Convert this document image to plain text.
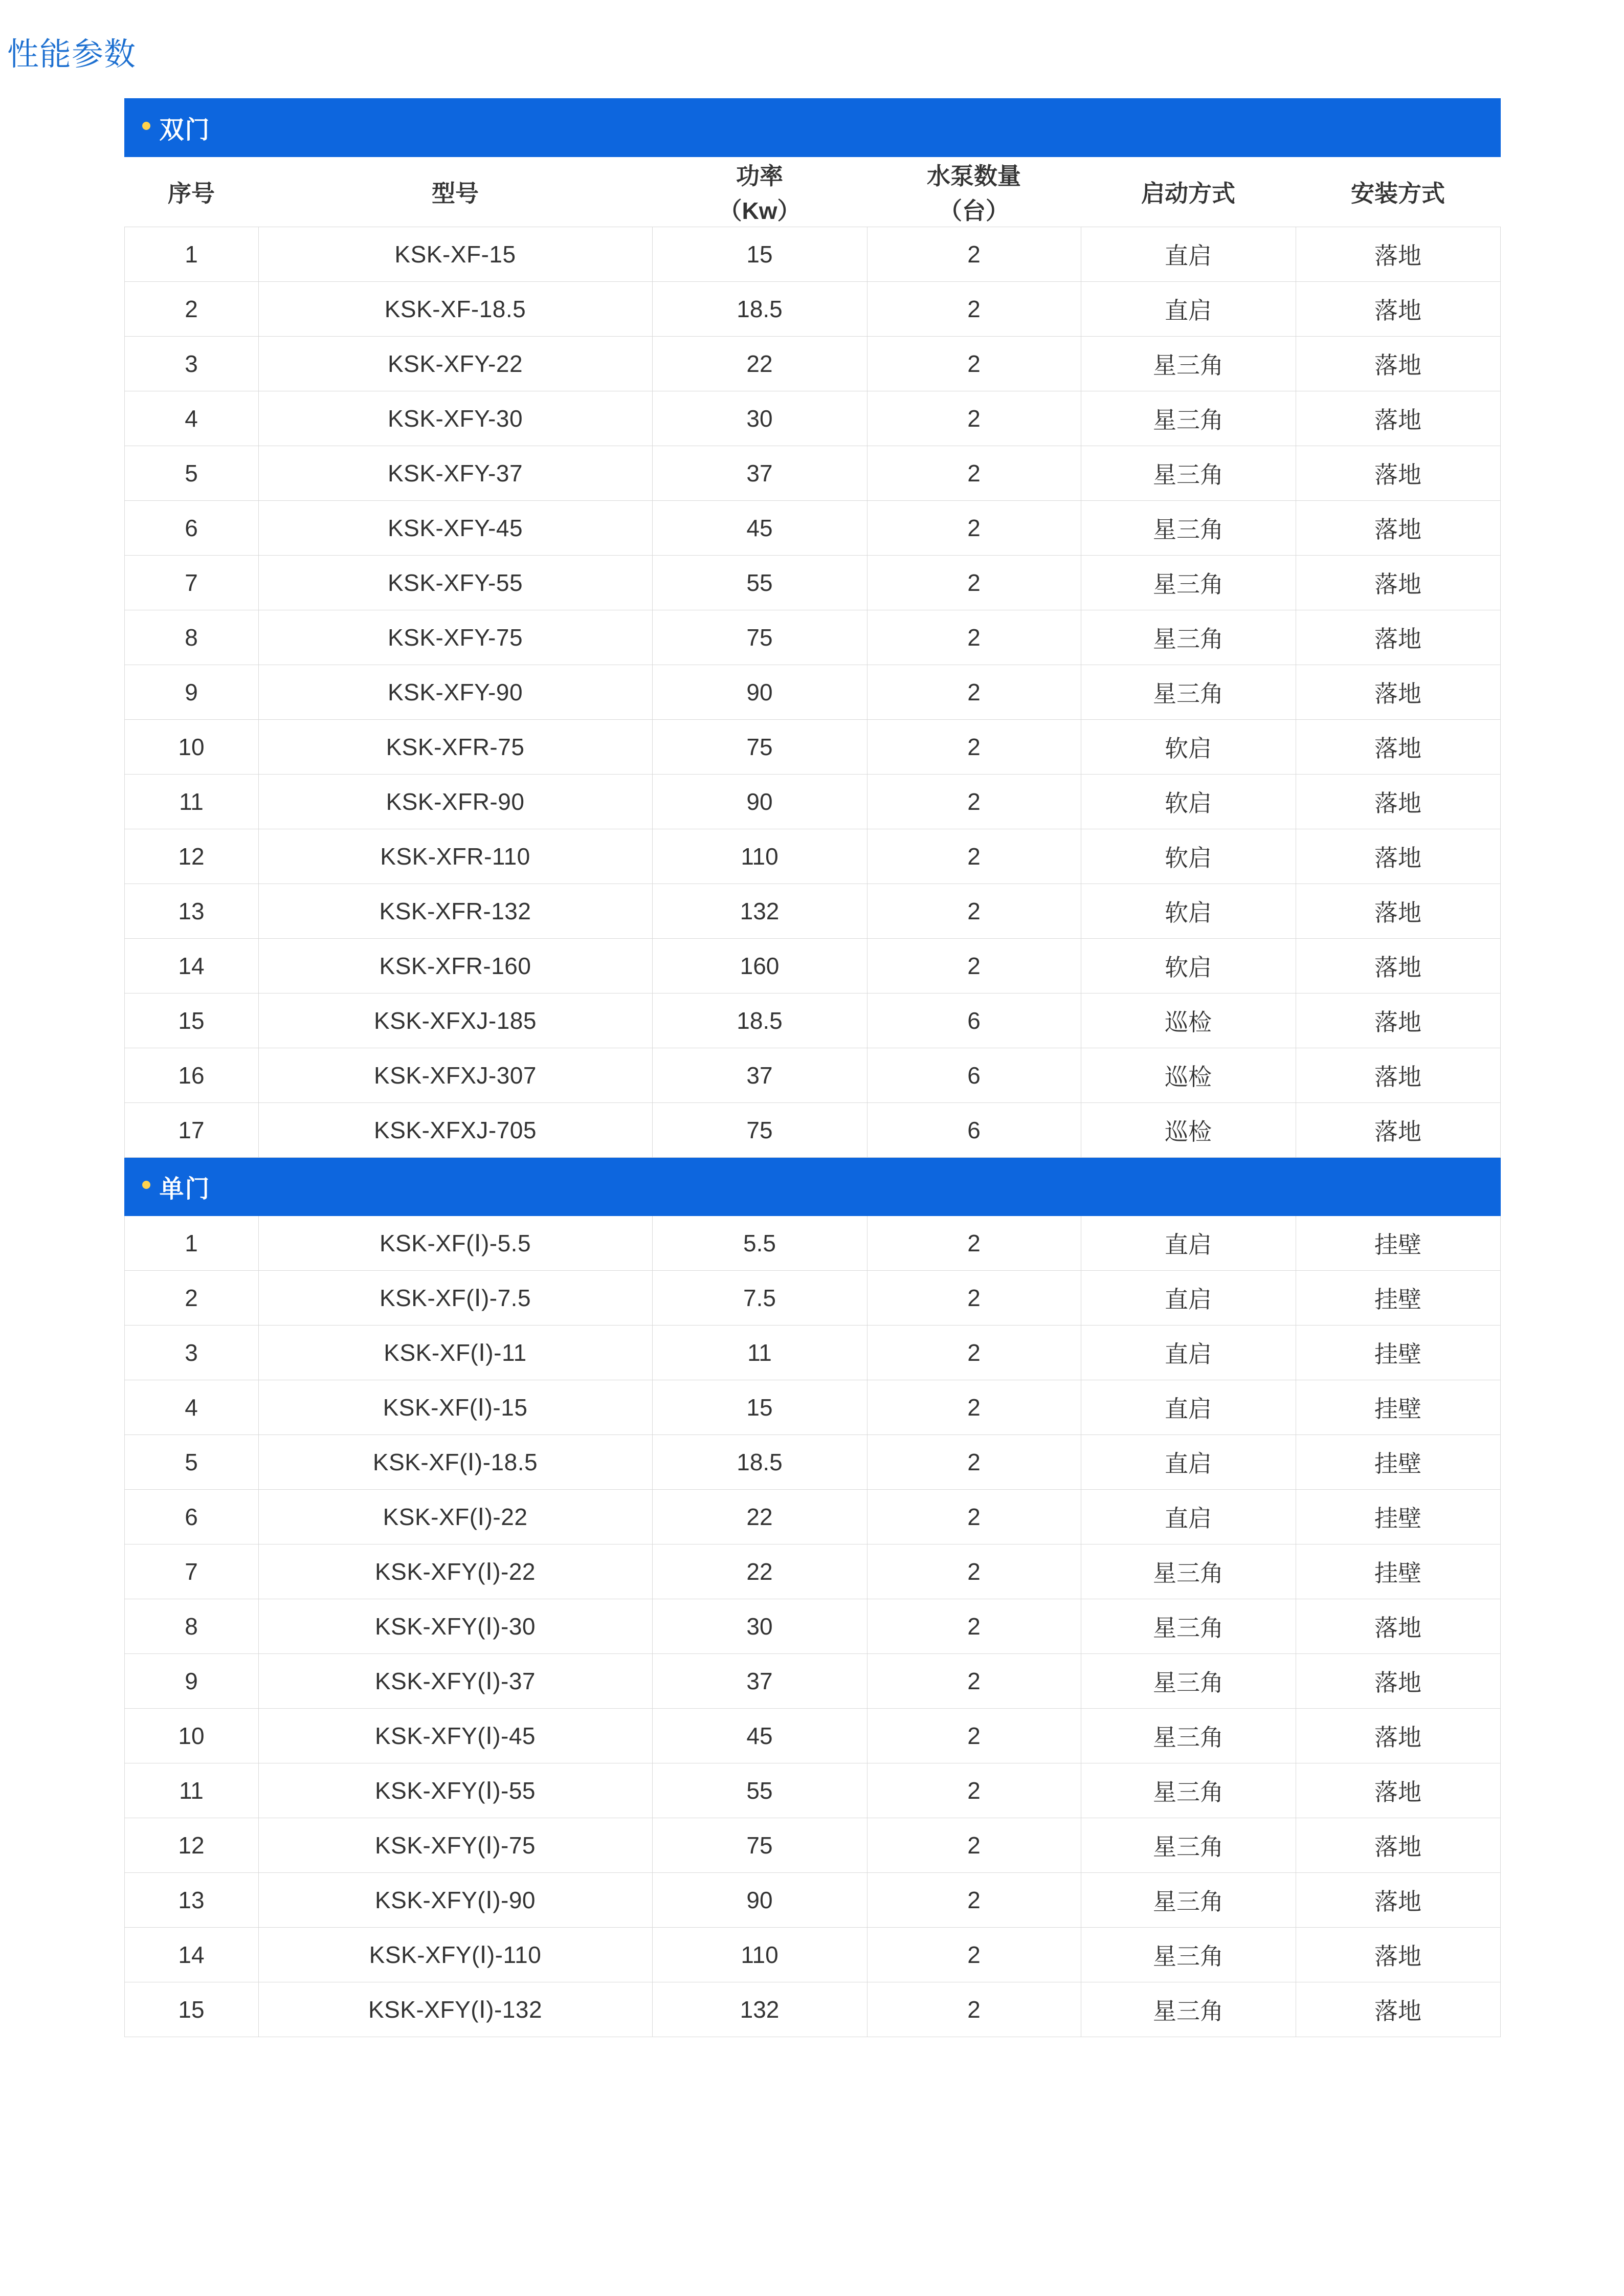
性能参数
双门					
序号	型号	功率	水泵数量	启动方式	安装方式
		（Kw）	（台）		
1	KSK-XF-15	15	2	直启	落地
2	KSK-XF-18.5	18.5	2	直启	落地
3	KSK-XFY-22	22	2	星三角	落地
4	KSK-XFY-30	30	2	星三角	落地
5	KSK-XFY-37	37	2	星三角	落地
6	KSK-XFY-45	45	2	星三角	落地
7	KSK-XFY-55	55	2	星三角	落地
8	KSK-XFY-75	75	2	星三角	落地
9	KSK-XFY-90	90	2	星三角	落地
10	KSK-XFR-75	75	2	软启	落地
11	KSK-XFR-90	90	2	软启	落地
12	KSK-XFR-110	110	2	软启	落地
13	KSK-XFR-132	132	2	软启	落地
14	KSK-XFR-160	160	2	软启	落地
15	KSK-XFXJ-185	18.5	6	巡检	落地
16	KSK-XFXJ-307	37	6	巡检	落地
17	KSK-XFXJ-705	75	6	巡检	落地
单门					
1	KSK-XF(Ⅰ)-5.5	5.5	2	直启	挂壁
2	KSK-XF(Ⅰ)-7.5	7.5	2	直启	挂壁
3	KSK-XF(Ⅰ)-11	11	2	直启	挂壁
4	KSK-XF(Ⅰ)-15	15	2	直启	挂壁
5	KSK-XF(Ⅰ)-18.5	18.5	2	直启	挂壁
6	KSK-XF(Ⅰ)-22	22	2	直启	挂壁
7	KSK-XFY(Ⅰ)-22	22	2	星三角	挂壁
8	KSK-XFY(Ⅰ)-30	30	2	星三角	落地
9	KSK-XFY(Ⅰ)-37	37	2	星三角	落地
10	KSK-XFY(Ⅰ)-45	45	2	星三角	落地
11	KSK-XFY(Ⅰ)-55	55	2	星三角	落地
12	KSK-XFY(Ⅰ)-75	75	2	星三角	落地
13	KSK-XFY(Ⅰ)-90	90	2	星三角	落地
14	KSK-XFY(Ⅰ)-110	110	2	星三角	落地
15	KSK-XFY(Ⅰ)-132	132	2	星三角	落地
